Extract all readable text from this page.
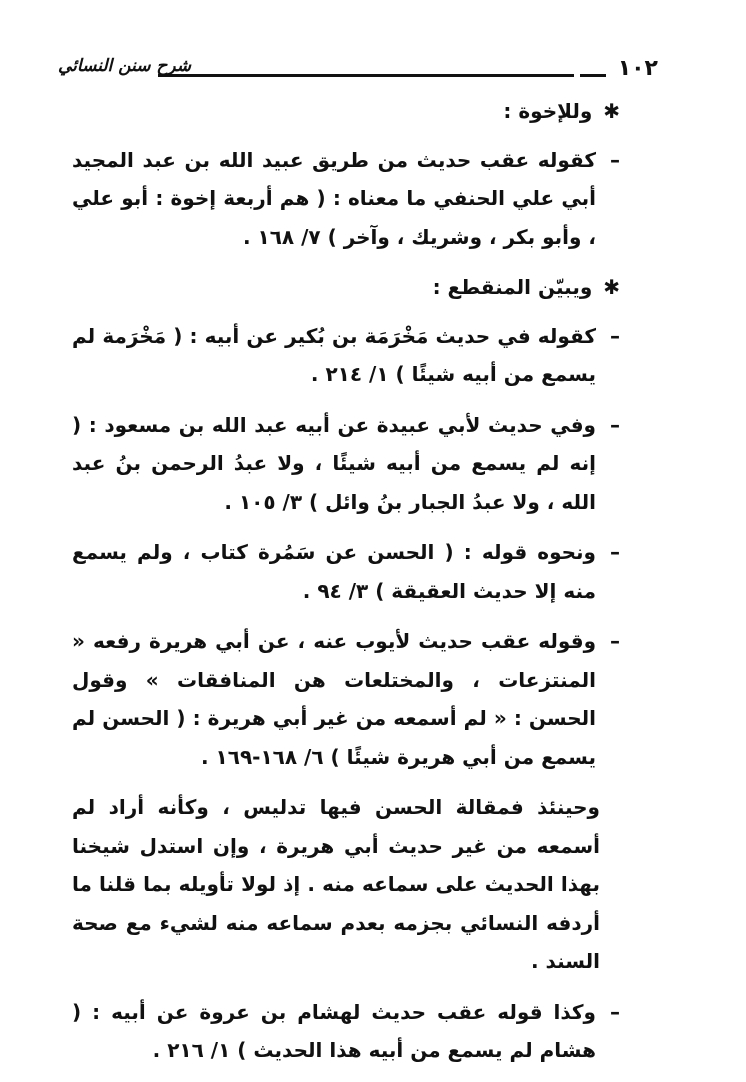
١٠٢
شرح سنن النسائي
✱ وللإخوة :
–
كقوله عقب حديث من طريق عبيد الله بن عبد المجيد أبي علي الحنفي ما معناه : ( هم أربعة إخوة : أبو علي ، وأبو بكر ، وشريك ، وآخر ) ٧/ ١٦٨ .
✱ ويبيّن المنقطع :
–
كقوله في حديث مَخْرَمَة بن بُكير عن أبيه : ( مَخْرَمة لم يسمع من أبيه شيئًا ) ١/ ٢١٤ .
–
وفي حديث لأبي عبيدة عن أبيه عبد الله بن مسعود : ( إنه لم يسمع من أبيه شيئًا ، ولا عبدُ الرحمن بنُ عبد الله ، ولا عبدُ الجبار بنُ وائل ) ٣/ ١٠٥ .
–
ونحوه قوله : ( الحسن عن سَمُرة كتاب ، ولم يسمع منه إلا حديث العقيقة ) ٣/ ٩٤ .
–
وقوله عقب حديث لأيوب عنه ، عن أبي هريرة رفعه « المنتزعات ، والمختلعات هن المنافقات » وقول الحسن : « لم أسمعه من غير أبي هريرة : ( الحسن لم يسمع من أبي هريرة شيئًا ) ٦/ ١٦٨-١٦٩ .
وحينئذ فمقالة الحسن فيها تدليس ، وكأنه أراد لم أسمعه من غير حديث أبي هريرة ، وإن استدل شيخنا بهذا الحديث على سماعه منه . إذ لولا تأويله بما قلنا ما أردفه النسائي بجزمه بعدم سماعه منه لشيء مع صحة السند .
–
وكذا قوله عقب حديث لهشام بن عروة عن أبيه : ( هشام لم يسمع من أبيه هذا الحديث ) ١/ ٢١٦ .
